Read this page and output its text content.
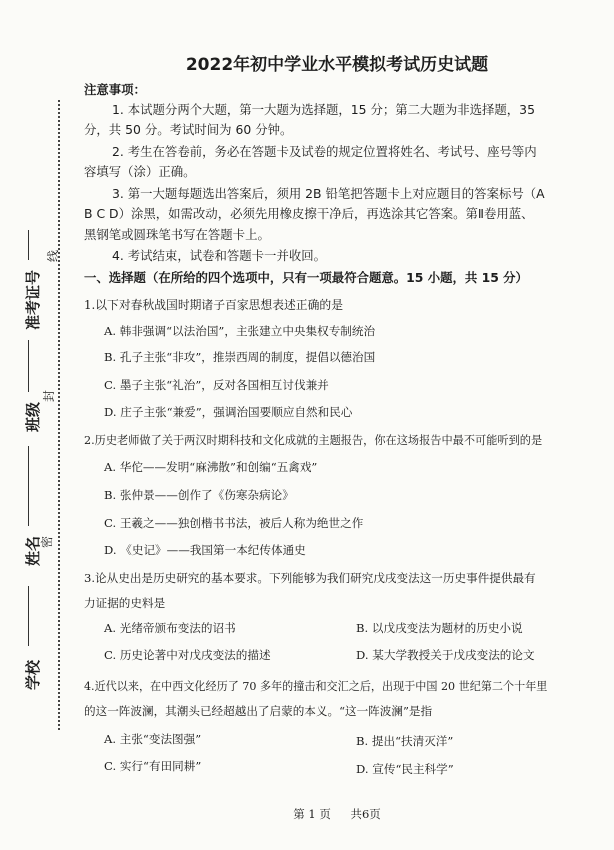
准考证号
线
班级
封
姓名
密
学校
2022年初中学业水平模拟考试历史试题
注意事项：
1. 本试题分两个大题，第一大题为选择题，15 分；第二大题为非选择题，35
分，共 50 分。考试时间为 60 分钟。
2. 考生在答卷前，务必在答题卡及试卷的规定位置将姓名、考试号、座号等内
容填写（涂）正确。
3. 第一大题每题选出答案后，须用 2B 铅笔把答题卡上对应题目的答案标号（A
B C D）涂黑，如需改动，必须先用橡皮擦干净后，再选涂其它答案。第Ⅱ卷用蓝、
黑钢笔或圆珠笔书写在答题卡上。
4. 考试结束，试卷和答题卡一并收回。
一、选择题（在所给的四个选项中，只有一项最符合题意。15 小题，共 15 分）
1.以下对春秋战国时期诸子百家思想表述正确的是
A. 韩非强调“以法治国”，主张建立中央集权专制统治
B. 孔子主张“非攻”，推崇西周的制度，提倡以德治国
C. 墨子主张“礼治”，反对各国相互讨伐兼并
D. 庄子主张“兼爱”，强调治国要顺应自然和民心
2.历史老师做了关于两汉时期科技和文化成就的主题报告，你在这场报告中最不可能听到的是
A. 华佗——发明“麻沸散”和创编“五禽戏”
B. 张仲景——创作了《伤寒杂病论》
C. 王羲之——独创楷书书法，被后人称为绝世之作
D. 《史记》——我国第一本纪传体通史
3.论从史出是历史研究的基本要求。下列能够为我们研究戊戌变法这一历史事件提供最有
力证据的史料是
A. 光绪帝颁布变法的诏书	B. 以戊戌变法为题材的历史小说
C. 历史论著中对戊戌变法的描述	D. 某大学教授关于戊戌变法的论文
4.近代以来，在中西文化经历了 70 多年的撞击和交汇之后，出现于中国 20 世纪第二个十年里
的这一阵波澜，其潮头已经超越出了启蒙的本义。“这一阵波澜”是指
A. 主张“变法图强”	B. 提出“扶清灭洋”
C. 实行“有田同耕”	D. 宣传“民主科学”
第 1 页 共6页
